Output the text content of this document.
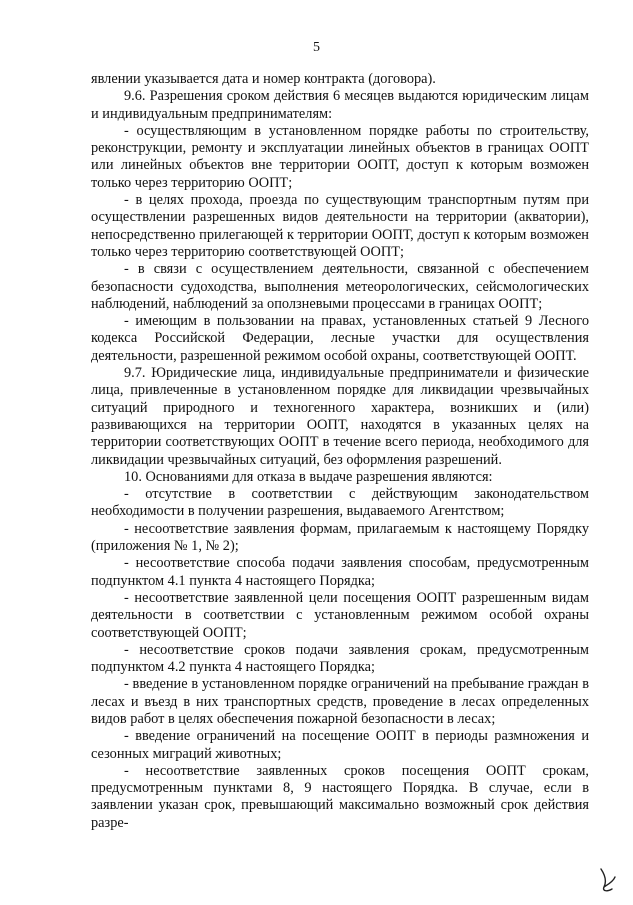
5

явлении указывается дата и номер контракта (договора).

9.6. Разрешения сроком действия 6 месяцев выдаются юридическим лицам и индивидуальным предпринимателям:

- осуществляющим в установленном порядке работы по строительству, реконструкции, ремонту и эксплуатации линейных объектов в границах ООПТ или линейных объектов вне территории ООПТ, доступ к которым возможен только через территорию ООПТ;

- в целях прохода, проезда по существующим транспортным путям при осуществлении разрешенных видов деятельности на территории (акватории), непосредственно прилегающей к территории ООПТ, доступ к которым возможен только через территорию соответствующей ООПТ;

- в связи с осуществлением деятельности, связанной с обеспечением безопасности судоходства, выполнения метеорологических, сейсмологических наблюдений, наблюдений за оползневыми процессами в границах ООПТ;

- имеющим в пользовании на правах, установленных статьей 9 Лесного кодекса Российской Федерации, лесные участки для осуществления деятельности, разрешенной режимом особой охраны, соответствующей ООПТ.

9.7. Юридические лица, индивидуальные предприниматели и физические лица, привлеченные в установленном порядке для ликвидации чрезвычайных ситуаций природного и техногенного характера, возникших и (или) развивающихся на территории ООПТ, находятся в указанных целях на территории соответствующих ООПТ в течение всего периода, необходимого для ликвидации чрезвычайных ситуаций, без оформления разрешений.

10. Основаниями для отказа в выдаче разрешения являются:

- отсутствие в соответствии с действующим законодательством необходимости в получении разрешения, выдаваемого Агентством;

- несоответствие заявления формам, прилагаемым к настоящему Порядку (приложения № 1, № 2);

- несоответствие способа подачи заявления способам, предусмотренным подпунктом 4.1 пункта 4 настоящего Порядка;

- несоответствие заявленной цели посещения ООПТ разрешенным видам деятельности в соответствии с установленным режимом особой охраны соответствующей ООПТ;

- несоответствие сроков подачи заявления срокам, предусмотренным подпунктом 4.2 пункта 4 настоящего Порядка;

- введение в установленном порядке ограничений на пребывание граждан в лесах и въезд в них транспортных средств, проведение в лесах определенных видов работ в целях обеспечения пожарной безопасности в лесах;

- введение ограничений на посещение ООПТ в периоды размножения и сезонных миграций животных;

- несоответствие заявленных сроков посещения ООПТ срокам, предусмотренным пунктами 8, 9 настоящего Порядка. В случае, если в заявлении указан срок, превышающий максимально возможный срок действия разре-
